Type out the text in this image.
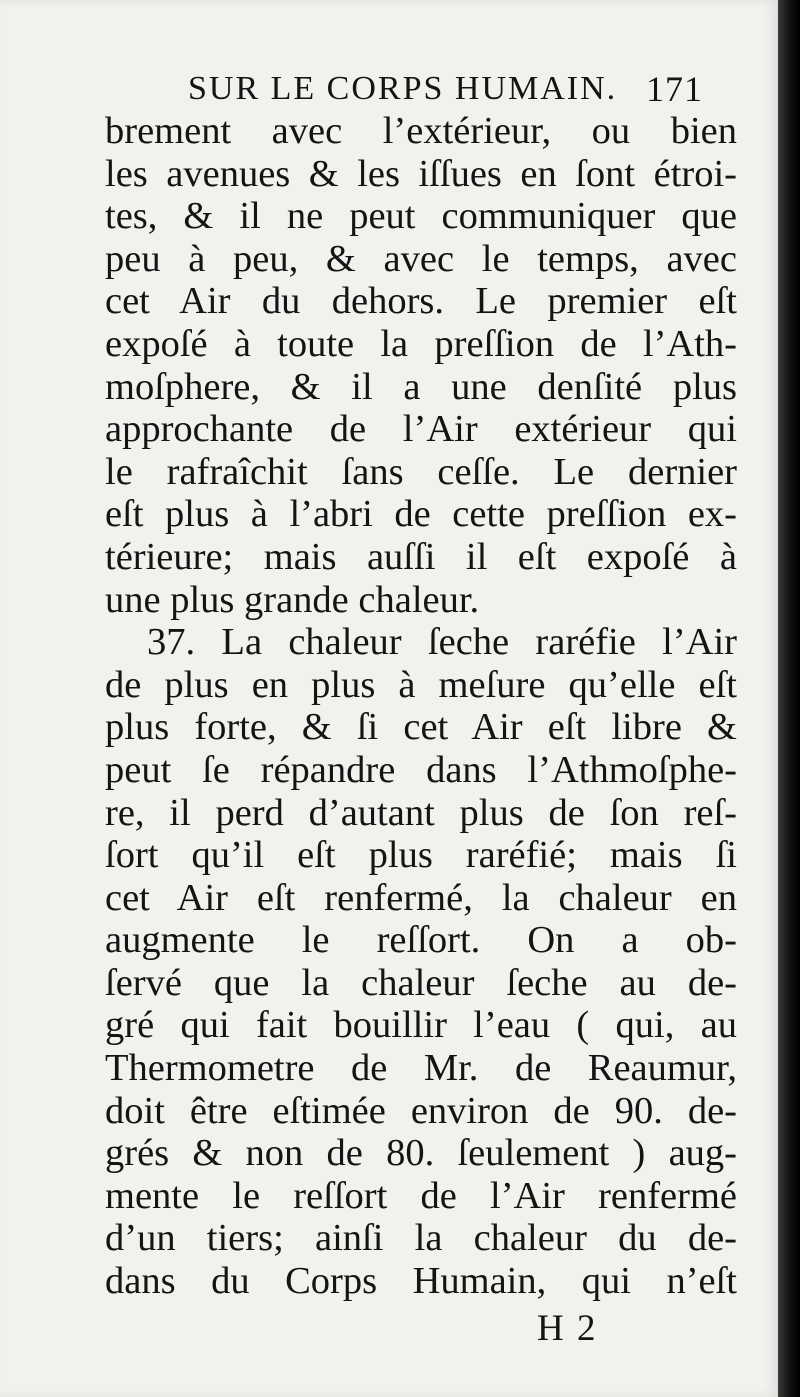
SUR LE CORPS HUMAIN. 171
brement avec l’extérieur, ou bien
les avenues & les iſſues en ſont étroi-
tes, & il ne peut communiquer que
peu à peu, & avec le temps, avec
cet Air du dehors. Le premier eſt
expoſé à toute la preſſion de l’Ath-
moſphere, & il a une denſité plus
approchante de l’Air extérieur qui
le rafraîchit ſans ceſſe. Le dernier
eſt plus à l’abri de cette preſſion ex-
térieure; mais auſſi il eſt expoſé à
une plus grande chaleur.
37. La chaleur ſeche raréfie l’Air
de plus en plus à meſure qu’elle eſt
plus forte, & ſi cet Air eſt libre &
peut ſe répandre dans l’Athmoſphe-
re, il perd d’autant plus de ſon reſ-
ſort qu’il eſt plus raréfié; mais ſi
cet Air eſt renfermé, la chaleur en
augmente le reſſort. On a ob-
ſervé que la chaleur ſeche au de-
gré qui fait bouillir l’eau ( qui, au
Thermometre de Mr. de Reaumur,
doit être eſtimée environ de 90. de-
grés & non de 80. ſeulement ) aug-
mente le reſſort de l’Air renfermé
d’un tiers; ainſi la chaleur du de-
dans du Corps Humain, qui n’eſt
H 2
